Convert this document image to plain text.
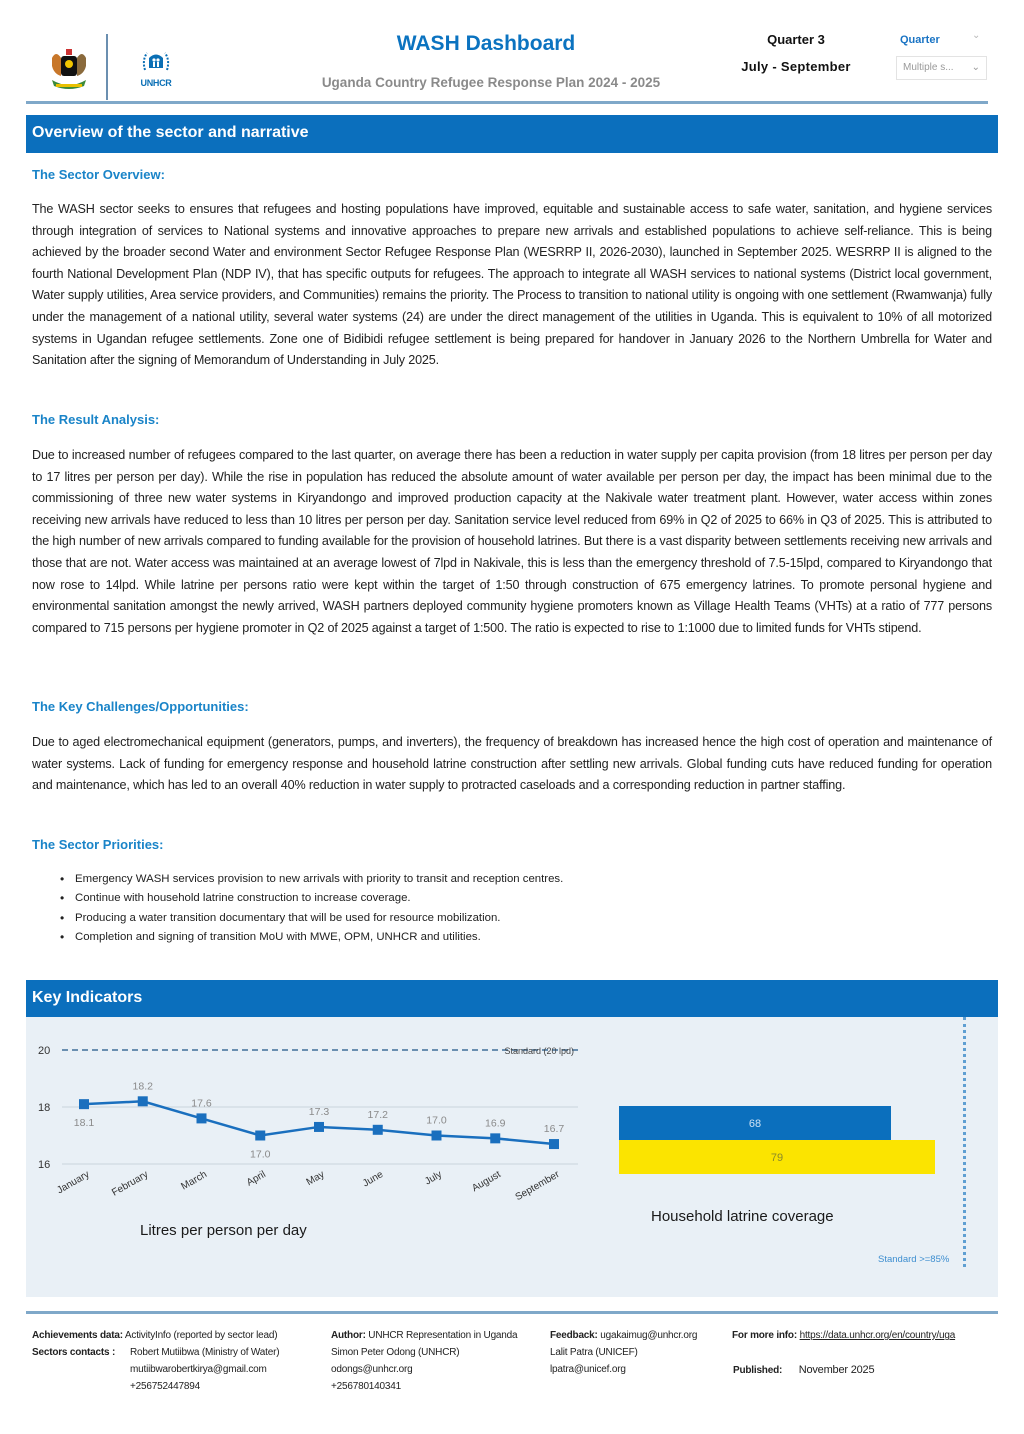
UNHCR
WASH Dashboard
Uganda Country Refugee Response Plan 2024 - 2025
Quarter 3
July - September
Quarter	⌄
Multiple s... ⌄
Overview of the sector and narrative
The Sector Overview:
The WASH sector seeks to ensures that refugees and hosting populations have improved, equitable and sustainable access to safe water, sanitation, and hygiene services through integration of services to National systems and innovative approaches to prepare new arrivals and established populations to achieve self-reliance. This is being achieved by the broader second Water and environment Sector Refugee Response Plan (WESRRP II, 2026-2030), launched in September 2025. WESRRP II is aligned to the fourth National Development Plan (NDP IV), that has specific outputs for refugees. The approach to integrate all WASH services to national systems (District local government, Water supply utilities, Area service providers, and Communities) remains the priority. The Process to transition to national utility is ongoing with one settlement (Rwamwanja) fully under the management of a national utility, several water systems (24) are under the direct management of the utilities in Uganda. This is equivalent to 10% of all motorized systems in Ugandan refugee settlements. Zone one of Bidibidi refugee settlement is being prepared for handover in January 2026 to the Northern Umbrella for Water and Sanitation after the signing of Memorandum of Understanding in July 2025.
The Result Analysis:
Due to increased number of refugees compared to the last quarter, on average there has been a reduction in water supply per capita provision (from 18 litres per person per day to 17 litres per person per day). While the rise in population has reduced the absolute amount of water available per person per day, the impact has been minimal due to the commissioning of three new water systems in Kiryandongo and improved production capacity at the Nakivale water treatment plant. However, water access within zones receiving new arrivals have reduced to less than 10 litres per person per day. Sanitation service level reduced from 69% in Q2 of 2025 to 66% in Q3 of 2025. This is attributed to the high number of new arrivals compared to funding available for the provision of household latrines. But there is a vast disparity between settlements receiving new arrivals and those that are not. Water access was maintained at an average lowest of 7lpd in Nakivale, this is less than the emergency threshold of 7.5-15lpd, compared to Kiryandongo that now rose to 14lpd. While latrine per persons ratio were kept within the target of 1:50 through construction of 675 emergency latrines. To promote personal hygiene and environmental sanitation amongst the newly arrived, WASH partners deployed community hygiene promoters known as Village Health Teams (VHTs) at a ratio of 777 persons compared to 715 persons per hygiene promoter in Q2 of 2025 against a target of 1:500. The ratio is expected to rise to 1:1000 due to limited funds for VHTs stipend.
The Key Challenges/Opportunities:
Due to aged electromechanical equipment (generators, pumps, and inverters), the frequency of breakdown has increased hence the high cost of operation and maintenance of water systems. Lack of funding for emergency response and household latrine construction after settling new arrivals. Global funding cuts have reduced funding for operation and maintenance, which has led to an overall 40% reduction in water supply to protracted caseloads and a corresponding reduction in partner staffing.
The Sector Priorities:
• Emergency WASH services provision to new arrivals with priority to transit and reception centres.
• Continue with household latrine construction to increase coverage.
• Producing a water transition documentary that will be used for resource mobilization.
• Completion and signing of transition MoU with MWE, OPM, UNHCR and utilities.
Key Indicators
16
18
20	Standard (20 lpd)
18.1
18.2
17.6
17.0
17.3	17.2	17.0	16.9	16.7
January February	March	April	May	June	July	August September
Litres per person per day
68
79
Household latrine coverage
Standard >=85%
Achievements data: ActivityInfo (reported by sector lead)
Sectors contacts : Robert Mutiibwa (Ministry of Water)
mutiibwarobertkirya@gmail.com
+256752447894
Author: UNHCR Representation in Uganda
Simon Peter Odong (UNHCR)
odongs@unhcr.org
+256780140341
Feedback: ugakaimug@unhcr.org
Lalit Patra (UNICEF)
lpatra@unicef.org
For more info: https://data.unhcr.org/en/country/uga
Published: November 2025
